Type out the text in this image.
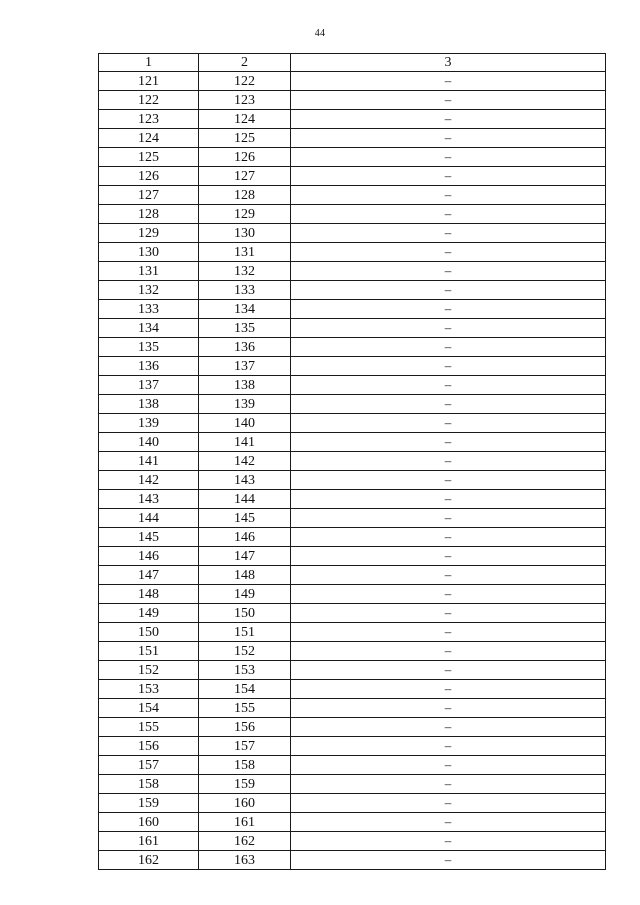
44
1	2	3
121	122	–
122	123	–
123	124	–
124	125	–
125	126	–
126	127	–
127	128	–
128	129	–
129	130	–
130	131	–
131	132	–
132	133	–
133	134	–
134	135	–
135	136	–
136	137	–
137	138	–
138	139	–
139	140	–
140	141	–
141	142	–
142	143	–
143	144	–
144	145	–
145	146	–
146	147	–
147	148	–
148	149	–
149	150	–
150	151	–
151	152	–
152	153	–
153	154	–
154	155	–
155	156	–
156	157	–
157	158	–
158	159	–
159	160	–
160	161	–
161	162	–
162	163	–
